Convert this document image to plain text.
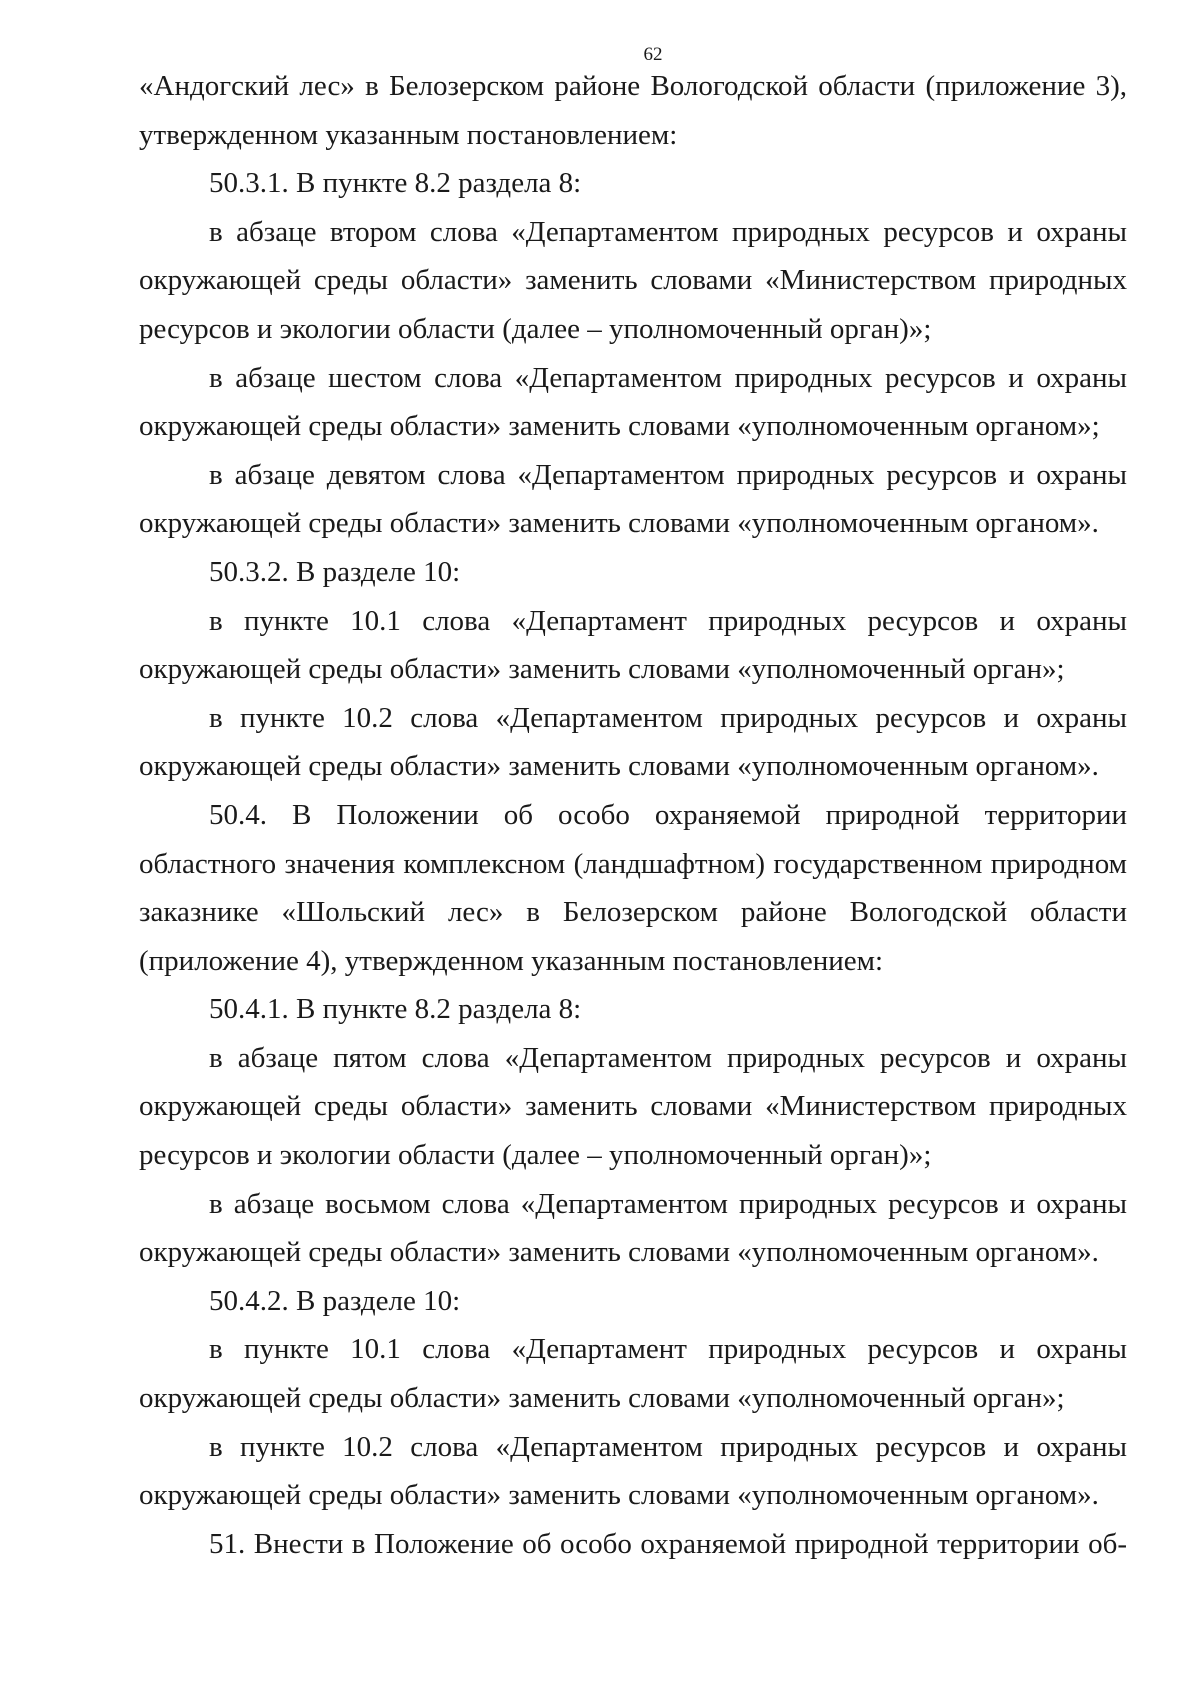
62

«Андогский лес» в Белозерском районе Вологодской области (приложение 3), утвержденном указанным постановлением:

50.3.1. В пункте 8.2 раздела 8:

в абзаце втором слова «Департаментом природных ресурсов и охраны окружающей среды области» заменить словами «Министерством природных ресурсов и экологии области (далее – уполномоченный орган)»;

в абзаце шестом слова «Департаментом природных ресурсов и охраны окружающей среды области» заменить словами «уполномоченным органом»;

в абзаце девятом слова «Департаментом природных ресурсов и охраны окружающей среды области» заменить словами «уполномоченным органом».

50.3.2. В разделе 10:

в пункте 10.1 слова «Департамент природных ресурсов и охраны окружающей среды области» заменить словами «уполномоченный орган»;

в пункте 10.2 слова «Департаментом природных ресурсов и охраны окружающей среды области» заменить словами «уполномоченным органом».

50.4. В Положении об особо охраняемой природной территории областного значения комплексном (ландшафтном) государственном природном заказнике «Шольский лес» в Белозерском районе Вологодской области (приложение 4), утвержденном указанным постановлением:

50.4.1. В пункте 8.2 раздела 8:

в абзаце пятом слова «Департаментом природных ресурсов и охраны окружающей среды области» заменить словами «Министерством природных ресурсов и экологии области (далее – уполномоченный орган)»;

в абзаце восьмом слова «Департаментом природных ресурсов и охраны окружающей среды области» заменить словами «уполномоченным органом».

50.4.2. В разделе 10:

в пункте 10.1 слова «Департамент природных ресурсов и охраны окружающей среды области» заменить словами «уполномоченный орган»;

в пункте 10.2 слова «Департаментом природных ресурсов и охраны окружающей среды области» заменить словами «уполномоченным органом».

51. Внести в Положение об особо охраняемой природной территории об-
